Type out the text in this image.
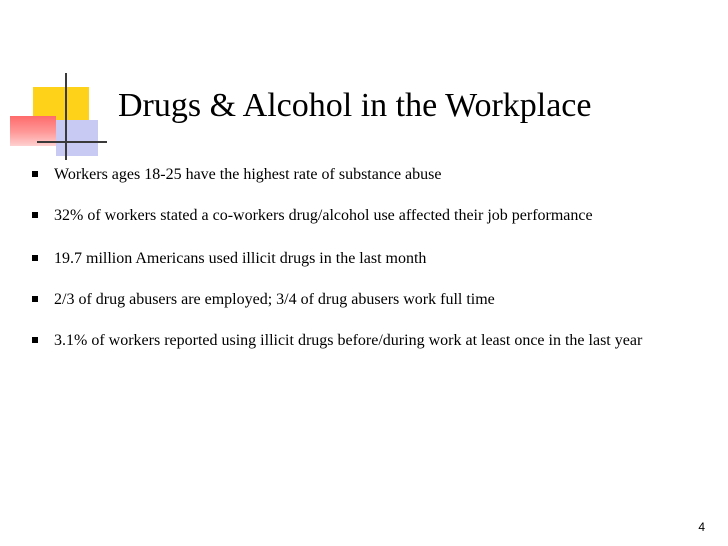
Drugs & Alcohol in the Workplace
Workers ages 18-25 have the highest rate of substance abuse
32% of workers stated a co-workers drug/alcohol use affected their job performance
19.7 million Americans used illicit drugs in the last month
2/3 of drug abusers are employed; 3/4 of drug abusers work full time
3.1% of workers reported using illicit drugs before/during work at least once in the last year
4
